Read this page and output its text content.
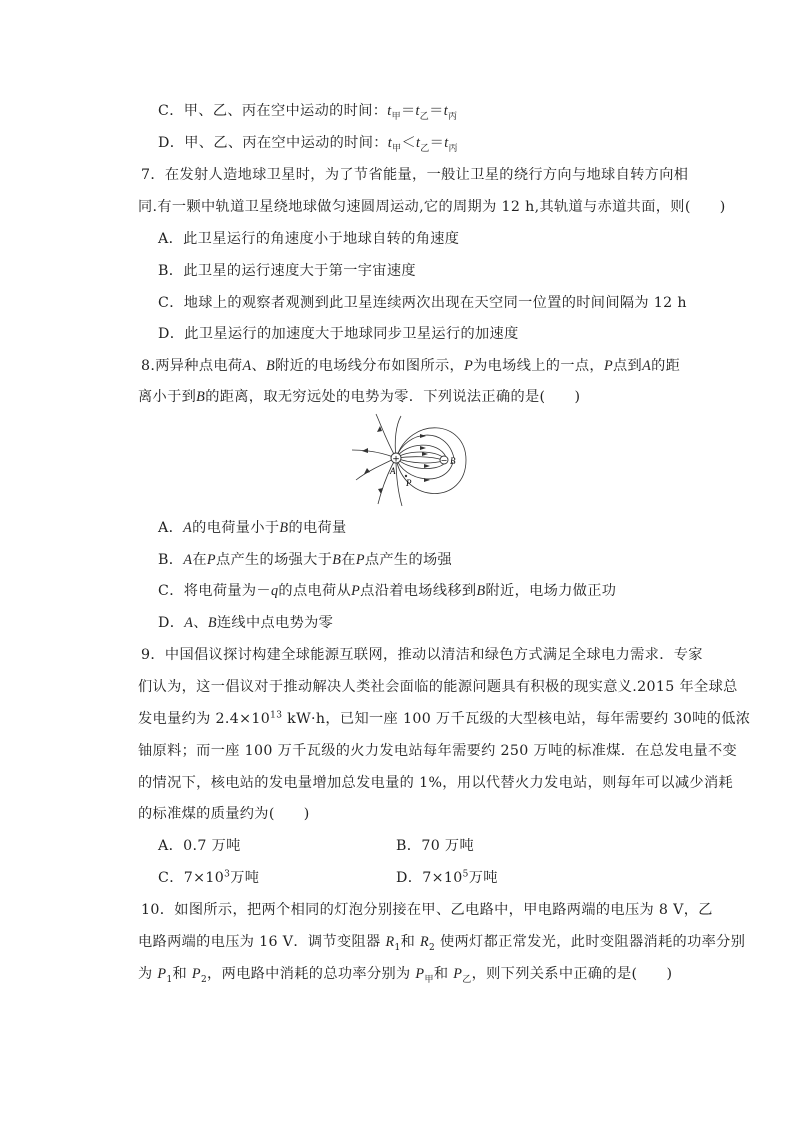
C．甲、乙、丙在空中运动的时间：$t_甲=t_乙=t_丙$
D．甲、乙、丙在空中运动的时间：$t_甲<t_乙=t_丙$
7．在发射人造地球卫星时，为了节省能量，一般让卫星的绕行方向与地球自转方向相
同.有一颗中轨道卫星绕地球做匀速圆周运动,它的周期为 12 h,其轨道与赤道共面，则(　　)
A．此卫星运行的角速度小于地球自转的角速度
B．此卫星的运行速度大于第一宇宙速度
C．地球上的观察者观测到此卫星连续两次出现在天空同一位置的时间间隔为 12 h
D．此卫星运行的加速度大于地球同步卫星运行的加速度
8.两异种点电荷A、B附近的电场线分布如图所示，P为电场线上的一点，P点到A的距
离小于到B的距离，取无穷远处的电势为零．下列说法正确的是(　　)
+	−
A
B
P
A．A的电荷量小于B的电荷量
B．A在P点产生的场强大于B在P点产生的场强
C．将电荷量为－q的点电荷从P点沿着电场线移到B附近，电场力做正功
D．A、B连线中点电势为零
9．中国倡议探讨构建全球能源互联网，推动以清洁和绿色方式满足全球电力需求．专家
们认为，这一倡议对于推动解决人类社会面临的能源问题具有积极的现实意义.2015 年全球总
发电量约为 $2.4\times 10^{13}$ kW·h，已知一座 100 万千瓦级的大型核电站，每年需要约 30吨的低浓
铀原料；而一座 100 万千瓦级的火力发电站每年需要约 250 万吨的标准煤．在总发电量不变
的情况下，核电站的发电量增加总发电量的 1%，用以代替火力发电站，则每年可以减少消耗
的标准煤的质量约为(　　)
A．0.7 万吨	B．70 万吨
C．$7\times 10^3$万吨	D．$7\times 10^5$万吨
10．如图所示，把两个相同的灯泡分别接在甲、乙电路中，甲电路两端的电压为 8 V，乙
电路两端的电压为 16 V．调节变阻器 $R_1$和 $R_2$ 使两灯都正常发光，此时变阻器消耗的功率分别
为 $P_1$和 $P_2$，两电路中消耗的总功率分别为 $P_甲$和 $P_乙$，则下列关系中正确的是(　　)
